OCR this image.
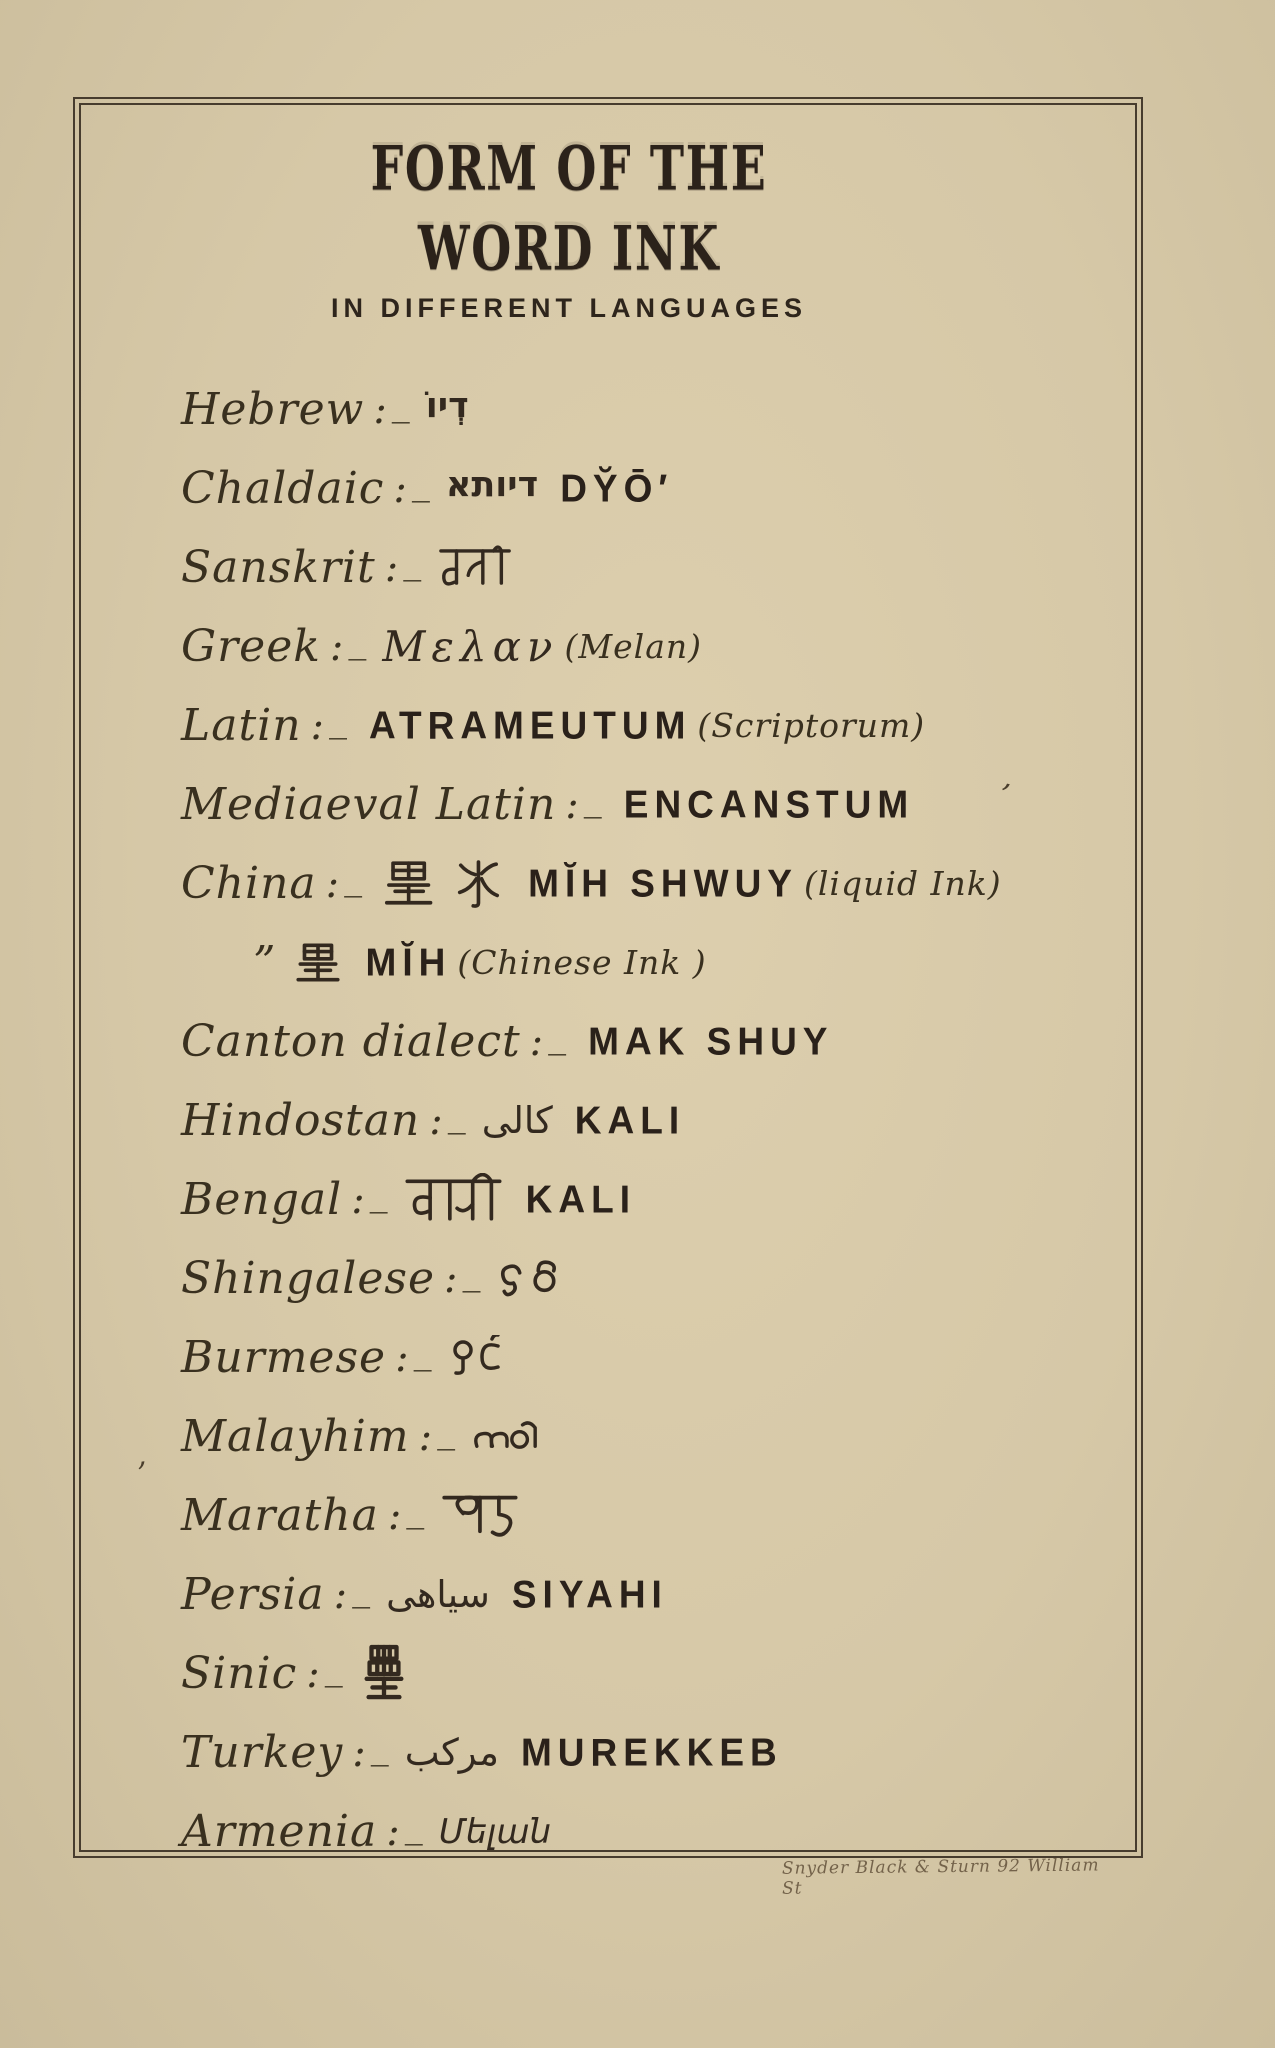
FORM OF THE WORD INK
IN DIFFERENT LANGUAGES
Hebrew : _ דְיוֹ
Chaldaic : _ דיותא DY̆Ō′
Sanskrit : _
Greek : _ Μελαν (Melan)
Latin : _ ATRAMEUTUM (Scriptorum)
Mediaeval Latin : _ ENCANSTUM
China : _	MĬH SHWUY (liquid Ink)
” MĬH (Chinese Ink )
Canton dialect : _ MAK SHUY
Hindostan : _ كالى KALI
Bengal : _	KALI
Shingalese : _
Burmese : _
Malayhim : _
Maratha : _
Persia : _ سياهى SIYAHI
Sinic : _
Turkey : _ مركب MUREKKEB
Armenia : _ Մելան
Snyder Black & Sturn 92 William St
’
‚
